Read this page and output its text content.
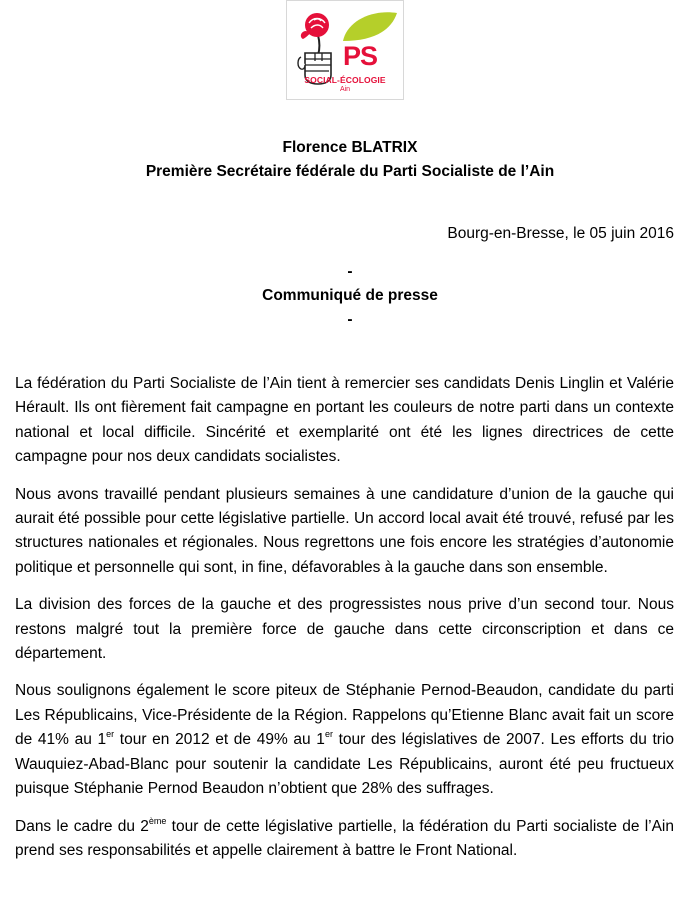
PS
SOCIAL-ÉCOLOGIE
Ain
Florence BLATRIX
Première Secrétaire fédérale du Parti Socialiste de l’Ain
Bourg-en-Bresse, le 05 juin 2016
-
Communiqué de presse
-

La fédération du Parti Socialiste de l’Ain tient à remercier ses candidats Denis Linglin et Valérie Hérault. Ils ont fièrement fait campagne en portant les couleurs de notre parti dans un contexte national et local difficile. Sincérité et exemplarité ont été les lignes directrices de cette campagne pour nos deux candidats socialistes.

Nous avons travaillé pendant plusieurs semaines à une candidature d’union de la gauche qui aurait été possible pour cette législative partielle. Un accord local avait été trouvé, refusé par les structures nationales et régionales. Nous regrettons une fois encore les stratégies d’autonomie politique et personnelle qui sont, in fine, défavorables à la gauche dans son ensemble.

La division des forces de la gauche et des progressistes nous prive d’un second tour. Nous restons malgré tout la première force de gauche dans cette circonscription et dans ce département.

Nous soulignons également le score piteux de Stéphanie Pernod-Beaudon, candidate du parti Les Républicains, Vice-Présidente de la Région. Rappelons qu’Etienne Blanc avait fait un score de 41% au 1er tour en 2012 et de 49% au 1er tour des législatives de 2007. Les efforts du trio Wauquiez-Abad-Blanc pour soutenir la candidate Les Républicains, auront été peu fructueux puisque Stéphanie Pernod Beaudon n’obtient que 28% des suffrages.

Dans le cadre du 2ème tour de cette législative partielle, la fédération du Parti socialiste de l’Ain prend ses responsabilités et appelle clairement à battre le Front National.
